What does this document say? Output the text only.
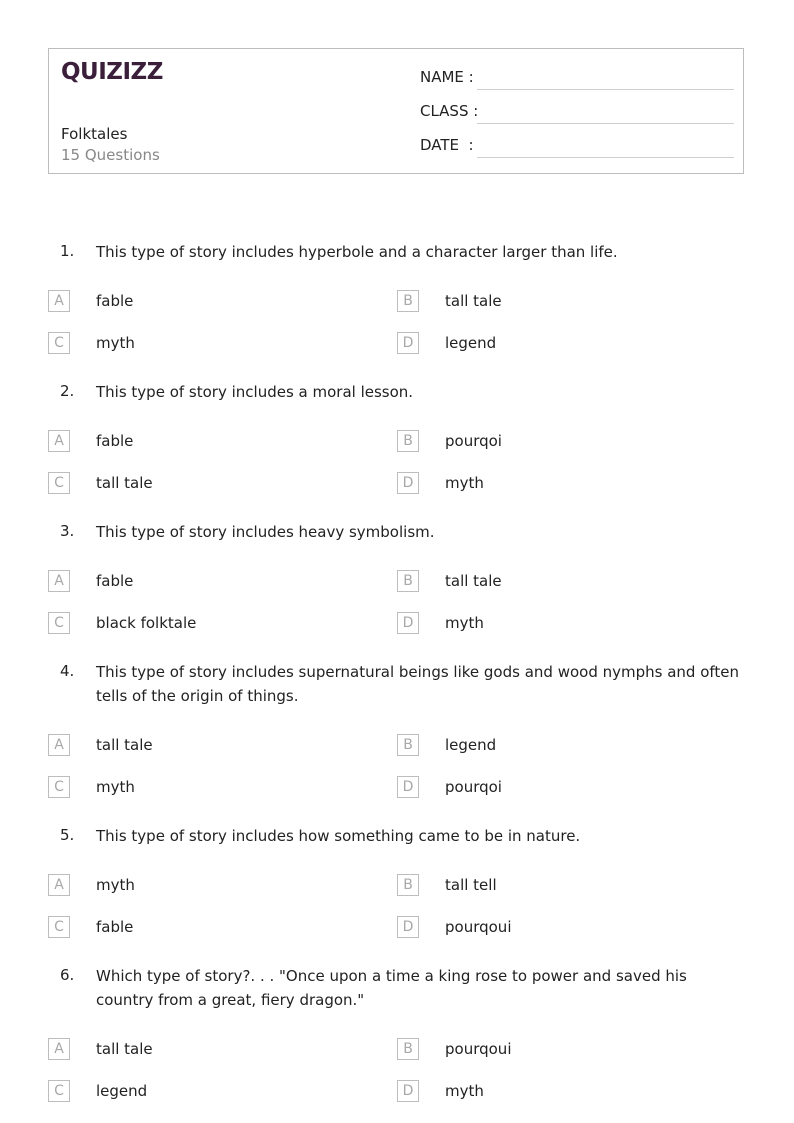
QUIZIZZ
Folktales
15 Questions
NAME :
CLASS :
DATE  :
1. This type of story includes hyperbole and a character larger than life.
A	fable	B	tall tale
C	myth	D	legend
2. This type of story includes a moral lesson.
A	fable	B	pourqoi
C	tall tale	D	myth
3. This type of story includes heavy symbolism.
A	fable	B	tall tale
C	black folktale	D	myth
4. This type of story includes supernatural beings like gods and wood nymphs and often tells of the origin of things.
A	tall tale	B	legend
C	myth	D	pourqoi
5. This type of story includes how something came to be in nature.
A	myth	B	tall tell
C	fable	D	pourqoui
6. Which type of story?. . . "Once upon a time a king rose to power and saved his country from a great, fiery dragon."
A	tall tale	B	pourqoui
C	legend	D	myth
